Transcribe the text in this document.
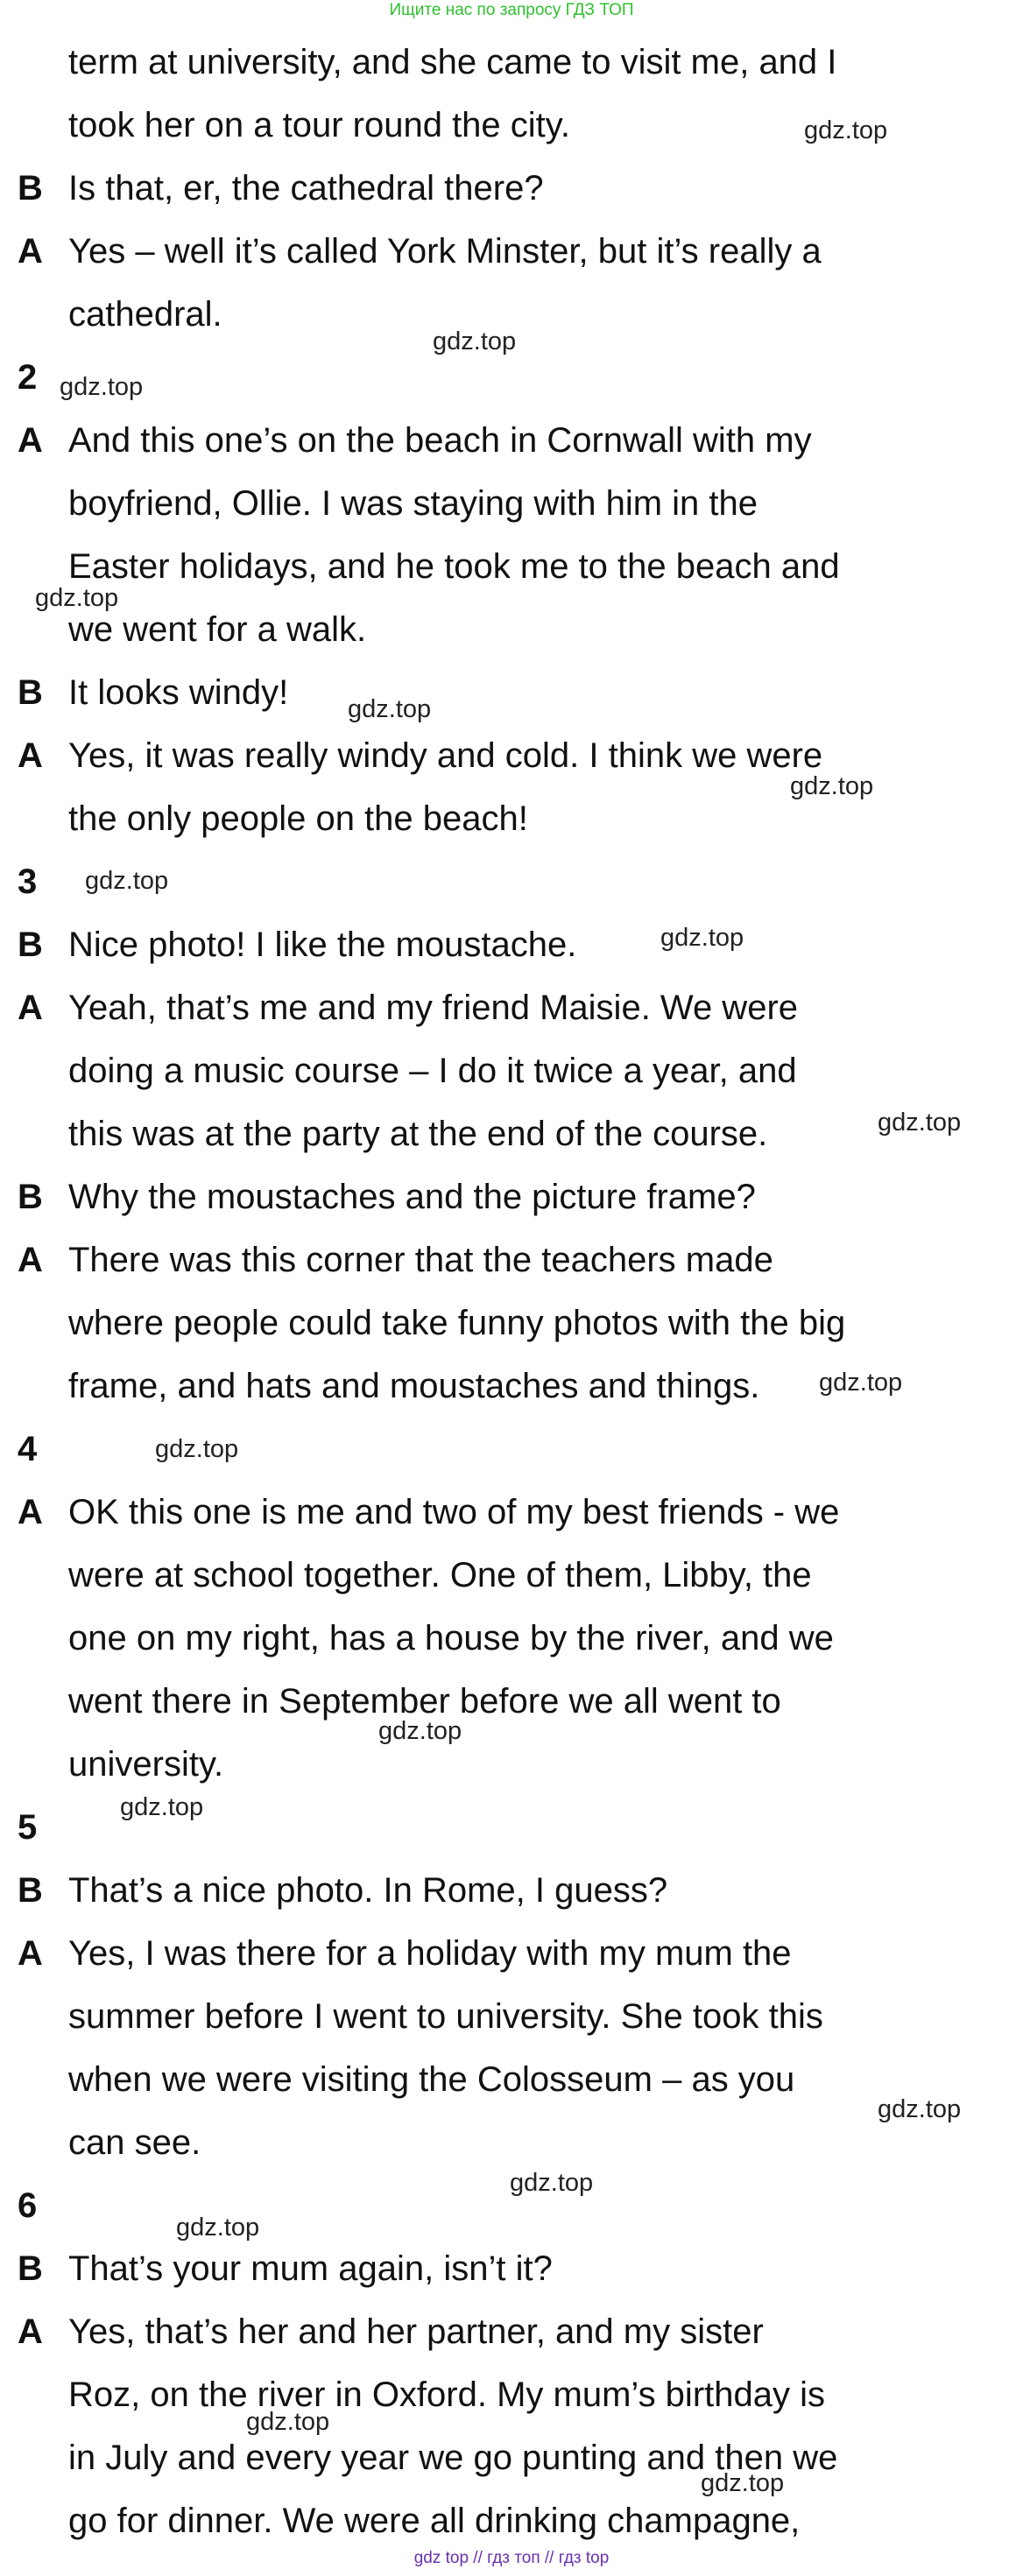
Ищите нас по запросу ГДЗ ТОП
term at university, and she came to visit me, and I
took her on a tour round the city.
Is that, er, the cathedral there?
Yes – well it’s called York Minster, but it’s really a
cathedral.
And this one’s on the beach in Cornwall with my
boyfriend, Ollie. I was staying with him in the
Easter holidays, and he took me to the beach and
we went for a walk.
It looks windy!
Yes, it was really windy and cold. I think we were
the only people on the beach!
Nice photo! I like the moustache.
Yeah, that’s me and my friend Maisie. We were
doing a music course – I do it twice a year, and
this was at the party at the end of the course.
Why the moustaches and the picture frame?
There was this corner that the teachers made
where people could take funny photos with the big
frame, and hats and moustaches and things.
OK this one is me and two of my best friends - we
were at school together. One of them, Libby, the
one on my right, has a house by the river, and we
went there in September before we all went to
university.
That’s a nice photo. In Rome, I guess?
Yes, I was there for a holiday with my mum the
summer before I went to university. She took this
when we were visiting the Colosseum – as you
can see.
That’s your mum again, isn’t it?
Yes, that’s her and her partner, and my sister
Roz, on the river in Oxford. My mum’s birthday is
in July and every year we go punting and then we
go for dinner. We were all drinking champagne,
B
A
A
B
A
B
A
B
A
A
B
A
B
A
2
3
4
5
6
gdz.top
gdz.top
gdz.top
gdz.top
gdz.top
gdz.top
gdz.top
gdz.top
gdz.top
gdz.top
gdz.top
gdz.top
gdz.top
gdz.top
gdz.top
gdz.top
gdz.top
gdz.top
gdz top // гдз топ // гдз top
